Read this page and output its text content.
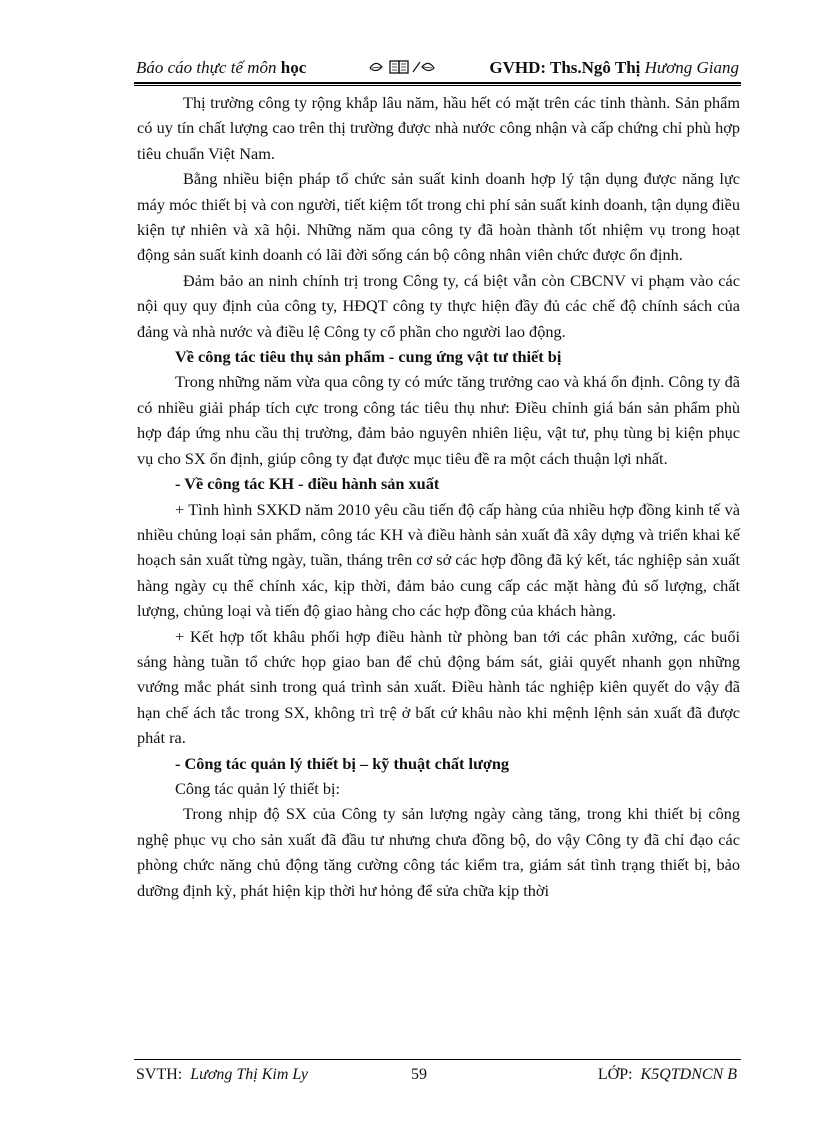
Báo cáo thực tế môn học	GVHD: Ths.Ngô Thị Hương Giang

Thị trường công ty rộng khắp lâu năm, hầu hết có mặt trên các tỉnh thành. Sản phẩm có uy tín chất lượng cao trên thị trường được nhà nước công nhận và cấp chứng chỉ phù hợp tiêu chuẩn Việt Nam.

Bằng nhiều biện pháp tổ chức sản suất kinh doanh hợp lý tận dụng được năng lực máy móc thiết bị và con người, tiết kiệm tốt trong chi phí sản suất kinh doanh, tận dụng điều kiện tự nhiên và xã hội. Những năm qua công ty đã hoàn thành tốt nhiệm vụ trong hoạt động sản suất kinh doanh có lãi đời sống cán bộ công nhân viên chức được ổn định.

Đảm bảo an ninh chính trị trong Công ty, cá biệt vẫn còn CBCNV vi phạm vào các nội quy quy định của công ty, HĐQT công ty thực hiện đầy đủ các chế độ chính sách của đảng và nhà nước và điều lệ Công ty cổ phần cho người lao động.

Về công tác tiêu thụ sản phẩm - cung ứng vật tư thiết bị

Trong những năm vừa qua công ty có mức tăng trưởng cao và khá ổn định. Công ty đã có nhiều giải pháp tích cực trong công tác tiêu thụ như: Điều chỉnh giá bán sản phẩm phù hợp đáp ứng nhu cầu thị trường, đảm bảo nguyên nhiên liệu, vật tư, phụ tùng bị kiện phục vụ cho SX ổn định, giúp công ty đạt được mục tiêu đề ra một cách thuận lợi nhất.

- Về công tác KH - điều hành sản xuất

+ Tình hình SXKD năm 2010 yêu cầu tiến độ cấp hàng của nhiều hợp đồng kinh tế và nhiều chủng loại sản phẩm, công tác KH và điều hành sản xuất đã xây dựng và triển khai kế hoạch sản xuất từng ngày, tuần, tháng trên cơ sở các hợp đồng đã ký kết, tác nghiệp sản xuất hàng ngày cụ thể chính xác, kịp thời, đảm bảo cung cấp các mặt hàng đủ số lượng, chất lượng, chủng loại và tiến độ giao hàng cho các hợp đồng của khách hàng.

+ Kết hợp tốt khâu phối hợp điều hành từ phòng ban tới các phân xưởng, các buổi sáng hàng tuần tổ chức họp giao ban để chủ động bám sát, giải quyết nhanh gọn những vướng mắc phát sinh trong quá trình sản xuất. Điều hành tác nghiệp kiên quyết do vậy đã hạn chế ách tắc trong SX, không trì trệ ở bất cứ khâu nào khi mệnh lệnh sản xuất đã được phát ra.

- Công tác quản lý thiết bị – kỹ thuật chất lượng

Công tác quản lý thiết bị:

Trong nhịp độ SX của Công ty sản lượng ngày càng tăng, trong khi thiết bị công nghệ phục vụ cho sản xuất đã đầu tư nhưng chưa đồng bộ, do vậy Công ty đã chỉ đạo các phòng chức năng chủ động tăng cường công tác kiểm tra, giám sát tình trạng thiết bị, bảo dưỡng định kỳ, phát hiện kịp thời hư hỏng để sửa chữa kịp thời

SVTH: Lương Thị Kim Ly	59	LỚP: K5QTDNCN B
